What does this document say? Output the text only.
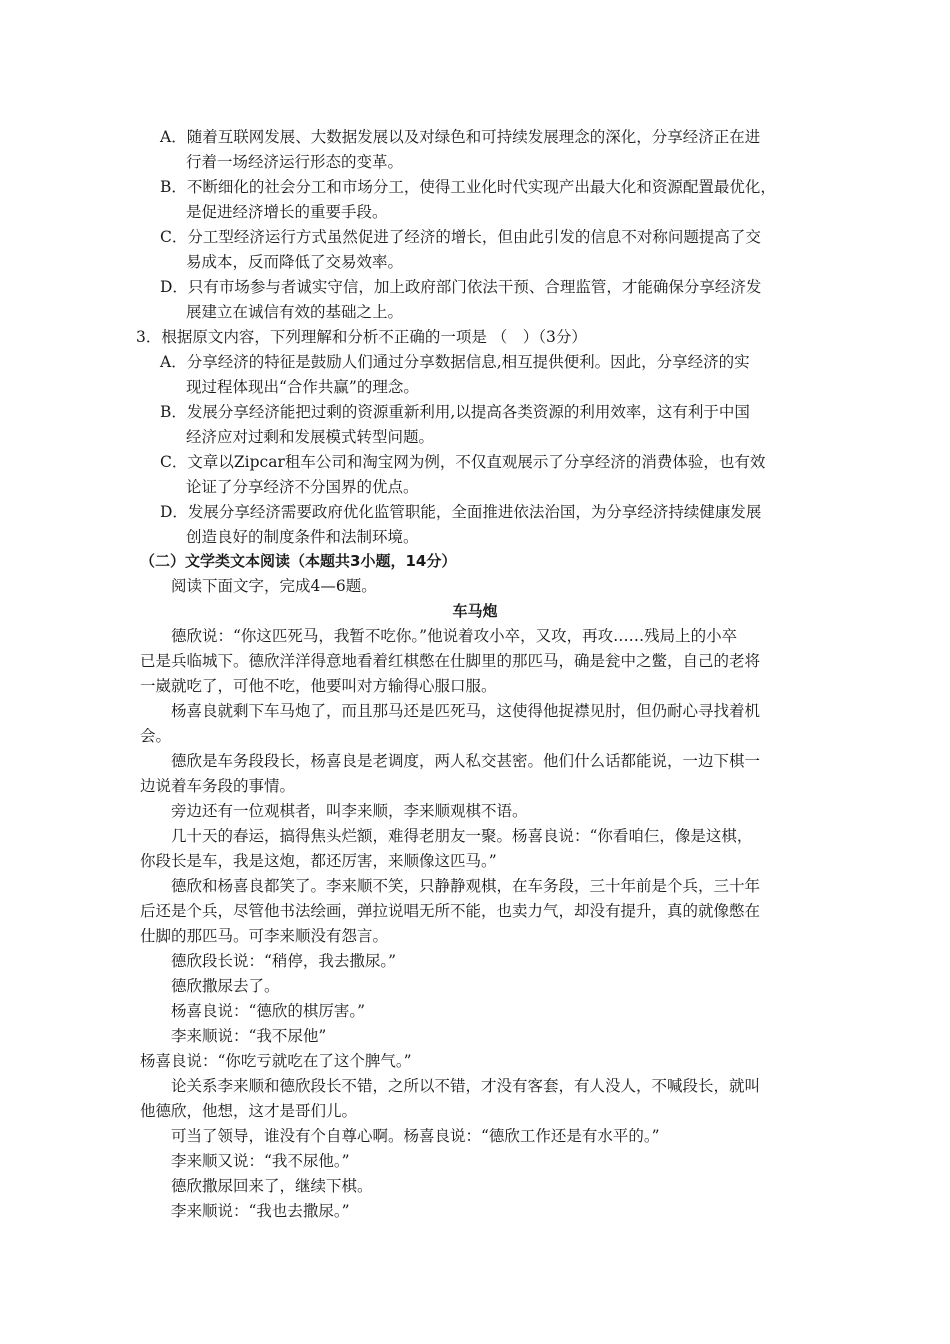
A．随着互联网发展、大数据发展以及对绿色和可持续发展理念的深化，分享经济正在进
行着一场经济运行形态的变革。
B．不断细化的社会分工和市场分工，使得工业化时代实现产出最大化和资源配置最优化，
是促进经济增长的重要手段。
C．分工型经济运行方式虽然促进了经济的增长，但由此引发的信息不对称问题提高了交
易成本，反而降低了交易效率。
D．只有市场参与者诚实守信，加上政府部门依法干预、合理监管，才能确保分享经济发
展建立在诚信有效的基础之上。
3．根据原文内容，下列理解和分析不正确的一项是 （　）（3分）
A．分享经济的特征是鼓励人们通过分享数据信息,相互提供便利。因此，分享经济的实
现过程体现出“合作共赢”的理念。
B．发展分享经济能把过剩的资源重新利用,以提高各类资源的利用效率，这有利于中国
经济应对过剩和发展模式转型问题。
C．文章以Zipcar租车公司和淘宝网为例，不仅直观展示了分享经济的消费体验，也有效
论证了分享经济不分国界的优点。
D．发展分享经济需要政府优化监管职能，全面推进依法治国，为分享经济持续健康发展
创造良好的制度条件和法制环境。
（二）文学类文本阅读（本题共3小题，14分）
阅读下面文字，完成4—6题。
车马炮
德欣说：“你这匹死马，我暂不吃你。”他说着攻小卒，又攻，再攻……残局上的小卒
已是兵临城下。德欣洋洋得意地看着红棋憋在仕脚里的那匹马，确是瓮中之鳖，自己的老将
一崴就吃了，可他不吃，他要叫对方输得心服口服。
杨喜良就剩下车马炮了，而且那马还是匹死马，这使得他捉襟见肘，但仍耐心寻找着机
会。
德欣是车务段段长，杨喜良是老调度，两人私交甚密。他们什么话都能说，一边下棋一
边说着车务段的事情。
旁边还有一位观棋者，叫李来顺，李来顺观棋不语。
几十天的春运，搞得焦头烂额，难得老朋友一聚。杨喜良说：“你看咱仨，像是这棋，
你段长是车，我是这炮，都还厉害，来顺像这匹马。”
德欣和杨喜良都笑了。李来顺不笑，只静静观棋，在车务段，三十年前是个兵，三十年
后还是个兵，尽管他书法绘画，弹拉说唱无所不能，也卖力气，却没有提升，真的就像憋在
仕脚的那匹马。可李来顺没有怨言。
德欣段长说：“稍停，我去撒尿。”
德欣撒尿去了。
杨喜良说：“德欣的棋厉害。”
李来顺说：“我不尿他”
杨喜良说：“你吃亏就吃在了这个脾气。”
论关系李来顺和德欣段长不错，之所以不错，才没有客套，有人没人，不喊段长，就叫
他德欣，他想，这才是哥们儿。
可当了领导，谁没有个自尊心啊。杨喜良说：“德欣工作还是有水平的。”
李来顺又说：“我不尿他。”
德欣撒尿回来了，继续下棋。
李来顺说：“我也去撒尿。”
